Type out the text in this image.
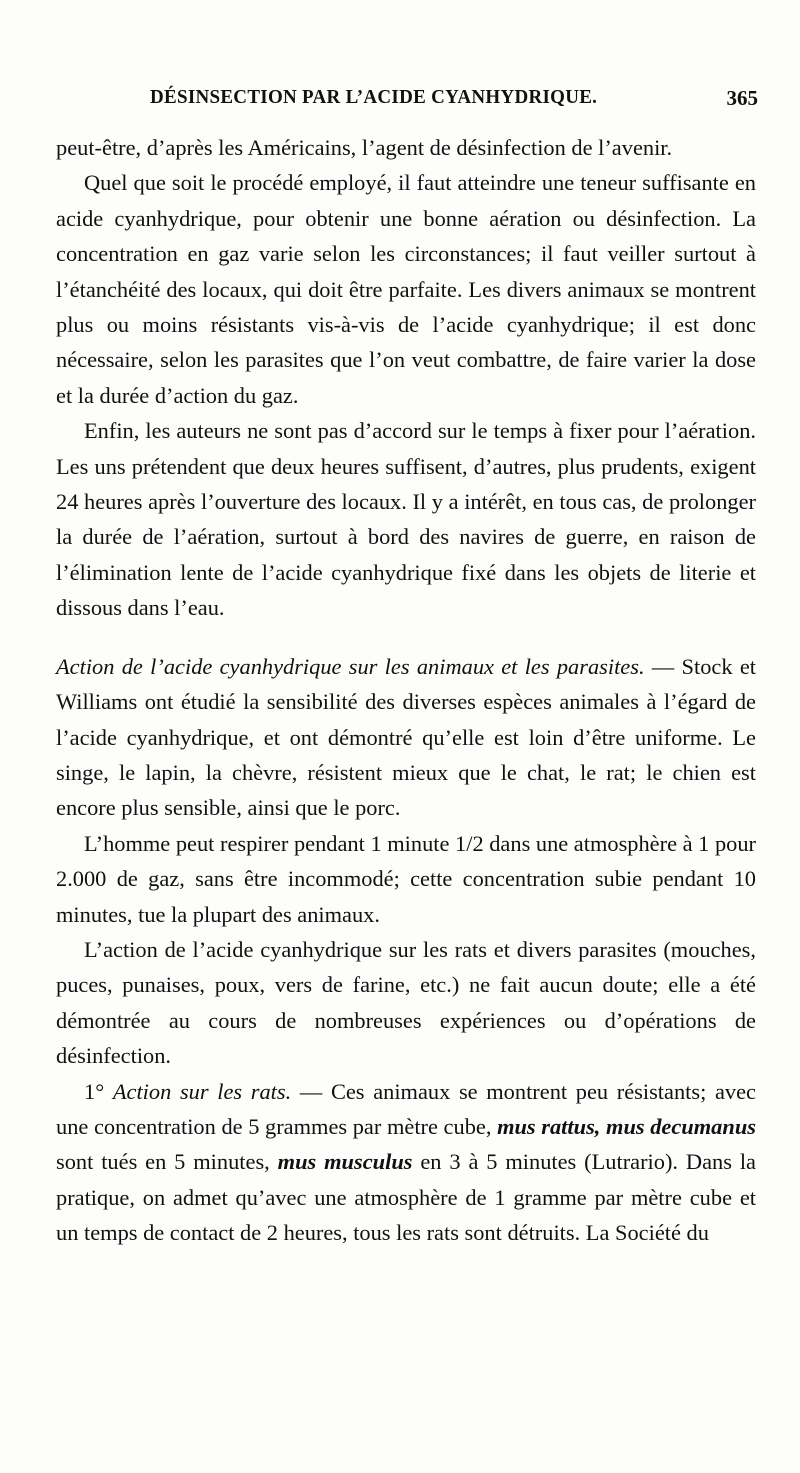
DÉSINSECTION PAR L’ACIDE CYANHYDRIQUE.	365

peut-être, d’après les Américains, l’agent de désinfection de l’avenir.

Quel que soit le procédé employé, il faut atteindre une teneur suffisante en acide cyanhydrique, pour obtenir une bonne aération ou désinfection. La concentration en gaz varie selon les circonstances; il faut veiller surtout à l’étanchéité des locaux, qui doit être parfaite. Les divers animaux se montrent plus ou moins résistants vis-à-vis de l’acide cyanhydrique; il est donc nécessaire, selon les parasites que l’on veut combattre, de faire varier la dose et la durée d’action du gaz.

Enfin, les auteurs ne sont pas d’accord sur le temps à fixer pour l’aération. Les uns prétendent que deux heures suffisent, d’autres, plus prudents, exigent 24 heures après l’ouverture des locaux. Il y a intérêt, en tous cas, de prolonger la durée de l’aération, surtout à bord des navires de guerre, en raison de l’élimination lente de l’acide cyanhydrique fixé dans les objets de literie et dissous dans l’eau.

Action de l’acide cyanhydrique sur les animaux et les parasites. — Stock et Williams ont étudié la sensibilité des diverses espèces animales à l’égard de l’acide cyanhydrique, et ont démontré qu’elle est loin d’être uniforme. Le singe, le lapin, la chèvre, résistent mieux que le chat, le rat; le chien est encore plus sensible, ainsi que le porc.

L’homme peut respirer pendant 1 minute 1/2 dans une atmosphère à 1 pour 2.000 de gaz, sans être incommodé; cette concentration subie pendant 10 minutes, tue la plupart des animaux.

L’action de l’acide cyanhydrique sur les rats et divers parasites (mouches, puces, punaises, poux, vers de farine, etc.) ne fait aucun doute; elle a été démontrée au cours de nombreuses expériences ou d’opérations de désinfection.

1° Action sur les rats. — Ces animaux se montrent peu résistants; avec une concentration de 5 grammes par mètre cube, mus rattus, mus decumanus sont tués en 5 minutes, mus musculus en 3 à 5 minutes (Lutrario). Dans la pratique, on admet qu’avec une atmosphère de 1 gramme par mètre cube et un temps de contact de 2 heures, tous les rats sont détruits. La Société du
